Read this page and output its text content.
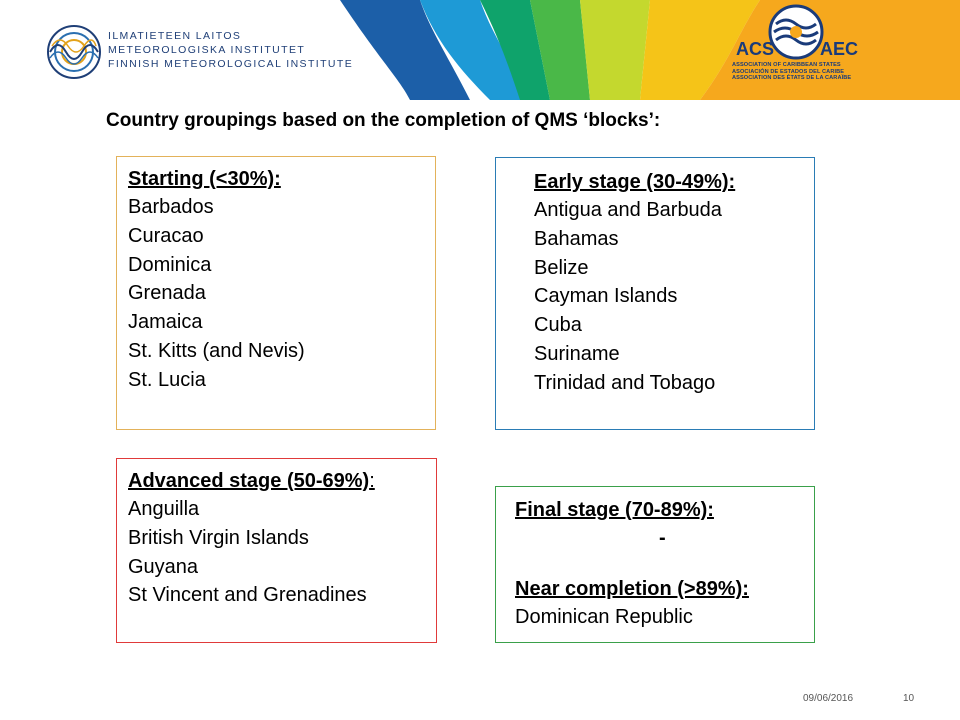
ILMATIETEEN LAITOS
METEOROLOGISKA INSTITUTET
FINNISH METEOROLOGICAL INSTITUTE
ACS	AEC
ASSOCIATION OF CARIBBEAN STATES
ASOCIACIÓN DE ESTADOS DEL CARIBE
ASSOCIATION DES ÉTATS DE LA CARAÏBE
Country groupings based on the completion of QMS ‘blocks’:
Starting (<30%):
Barbados
Curacao
Dominica
Grenada
Jamaica
St. Kitts (and Nevis)
St. Lucia
Early stage (30-49%):
Antigua and Barbuda
Bahamas
Belize
Cayman Islands
Cuba
Suriname
Trinidad and Tobago
Advanced stage (50-69%):
Anguilla
British Virgin Islands
Guyana
St Vincent and Grenadines
Final stage (70-89%):
-
Near completion (>89%):
Dominican Republic
09/06/2016	10
